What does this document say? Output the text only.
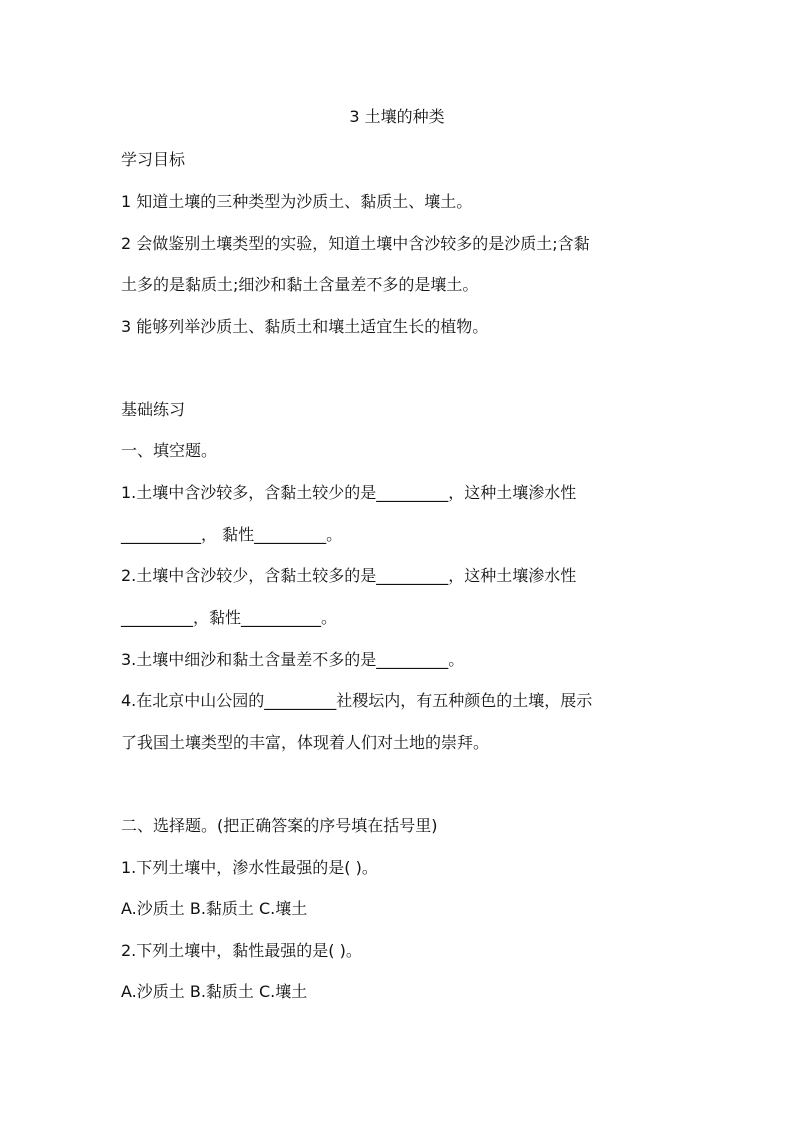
3 土壤的种类
学习目标
1 知道土壤的三种类型为沙质土、黏质土、壤土。
2 会做鉴别土壤类型的实验，知道土壤中含沙较多的是沙质土;含黏
土多的是黏质土;细沙和黏土含量差不多的是壤土。
3 能够列举沙质土、黏质土和壤土适宜生长的植物。
基础练习
一、填空题。
1.土壤中含沙较多，含黏土较少的是_________，这种土壤渗水性
__________， 黏性_________。
2.土壤中含沙较少，含黏土较多的是_________，这种土壤渗水性
_________，黏性__________。
3.土壤中细沙和黏土含量差不多的是_________。
4.在北京中山公园的_________社稷坛内，有五种颜色的土壤，展示
了我国土壤类型的丰富，体现着人们对土地的崇拜。
二、选择题。(把正确答案的序号填在括号里)
1.下列土壤中，渗水性最强的是( )。
A.沙质土 B.黏质土 C.壤土
2.下列土壤中，黏性最强的是( )。
A.沙质土 B.黏质土 C.壤土
